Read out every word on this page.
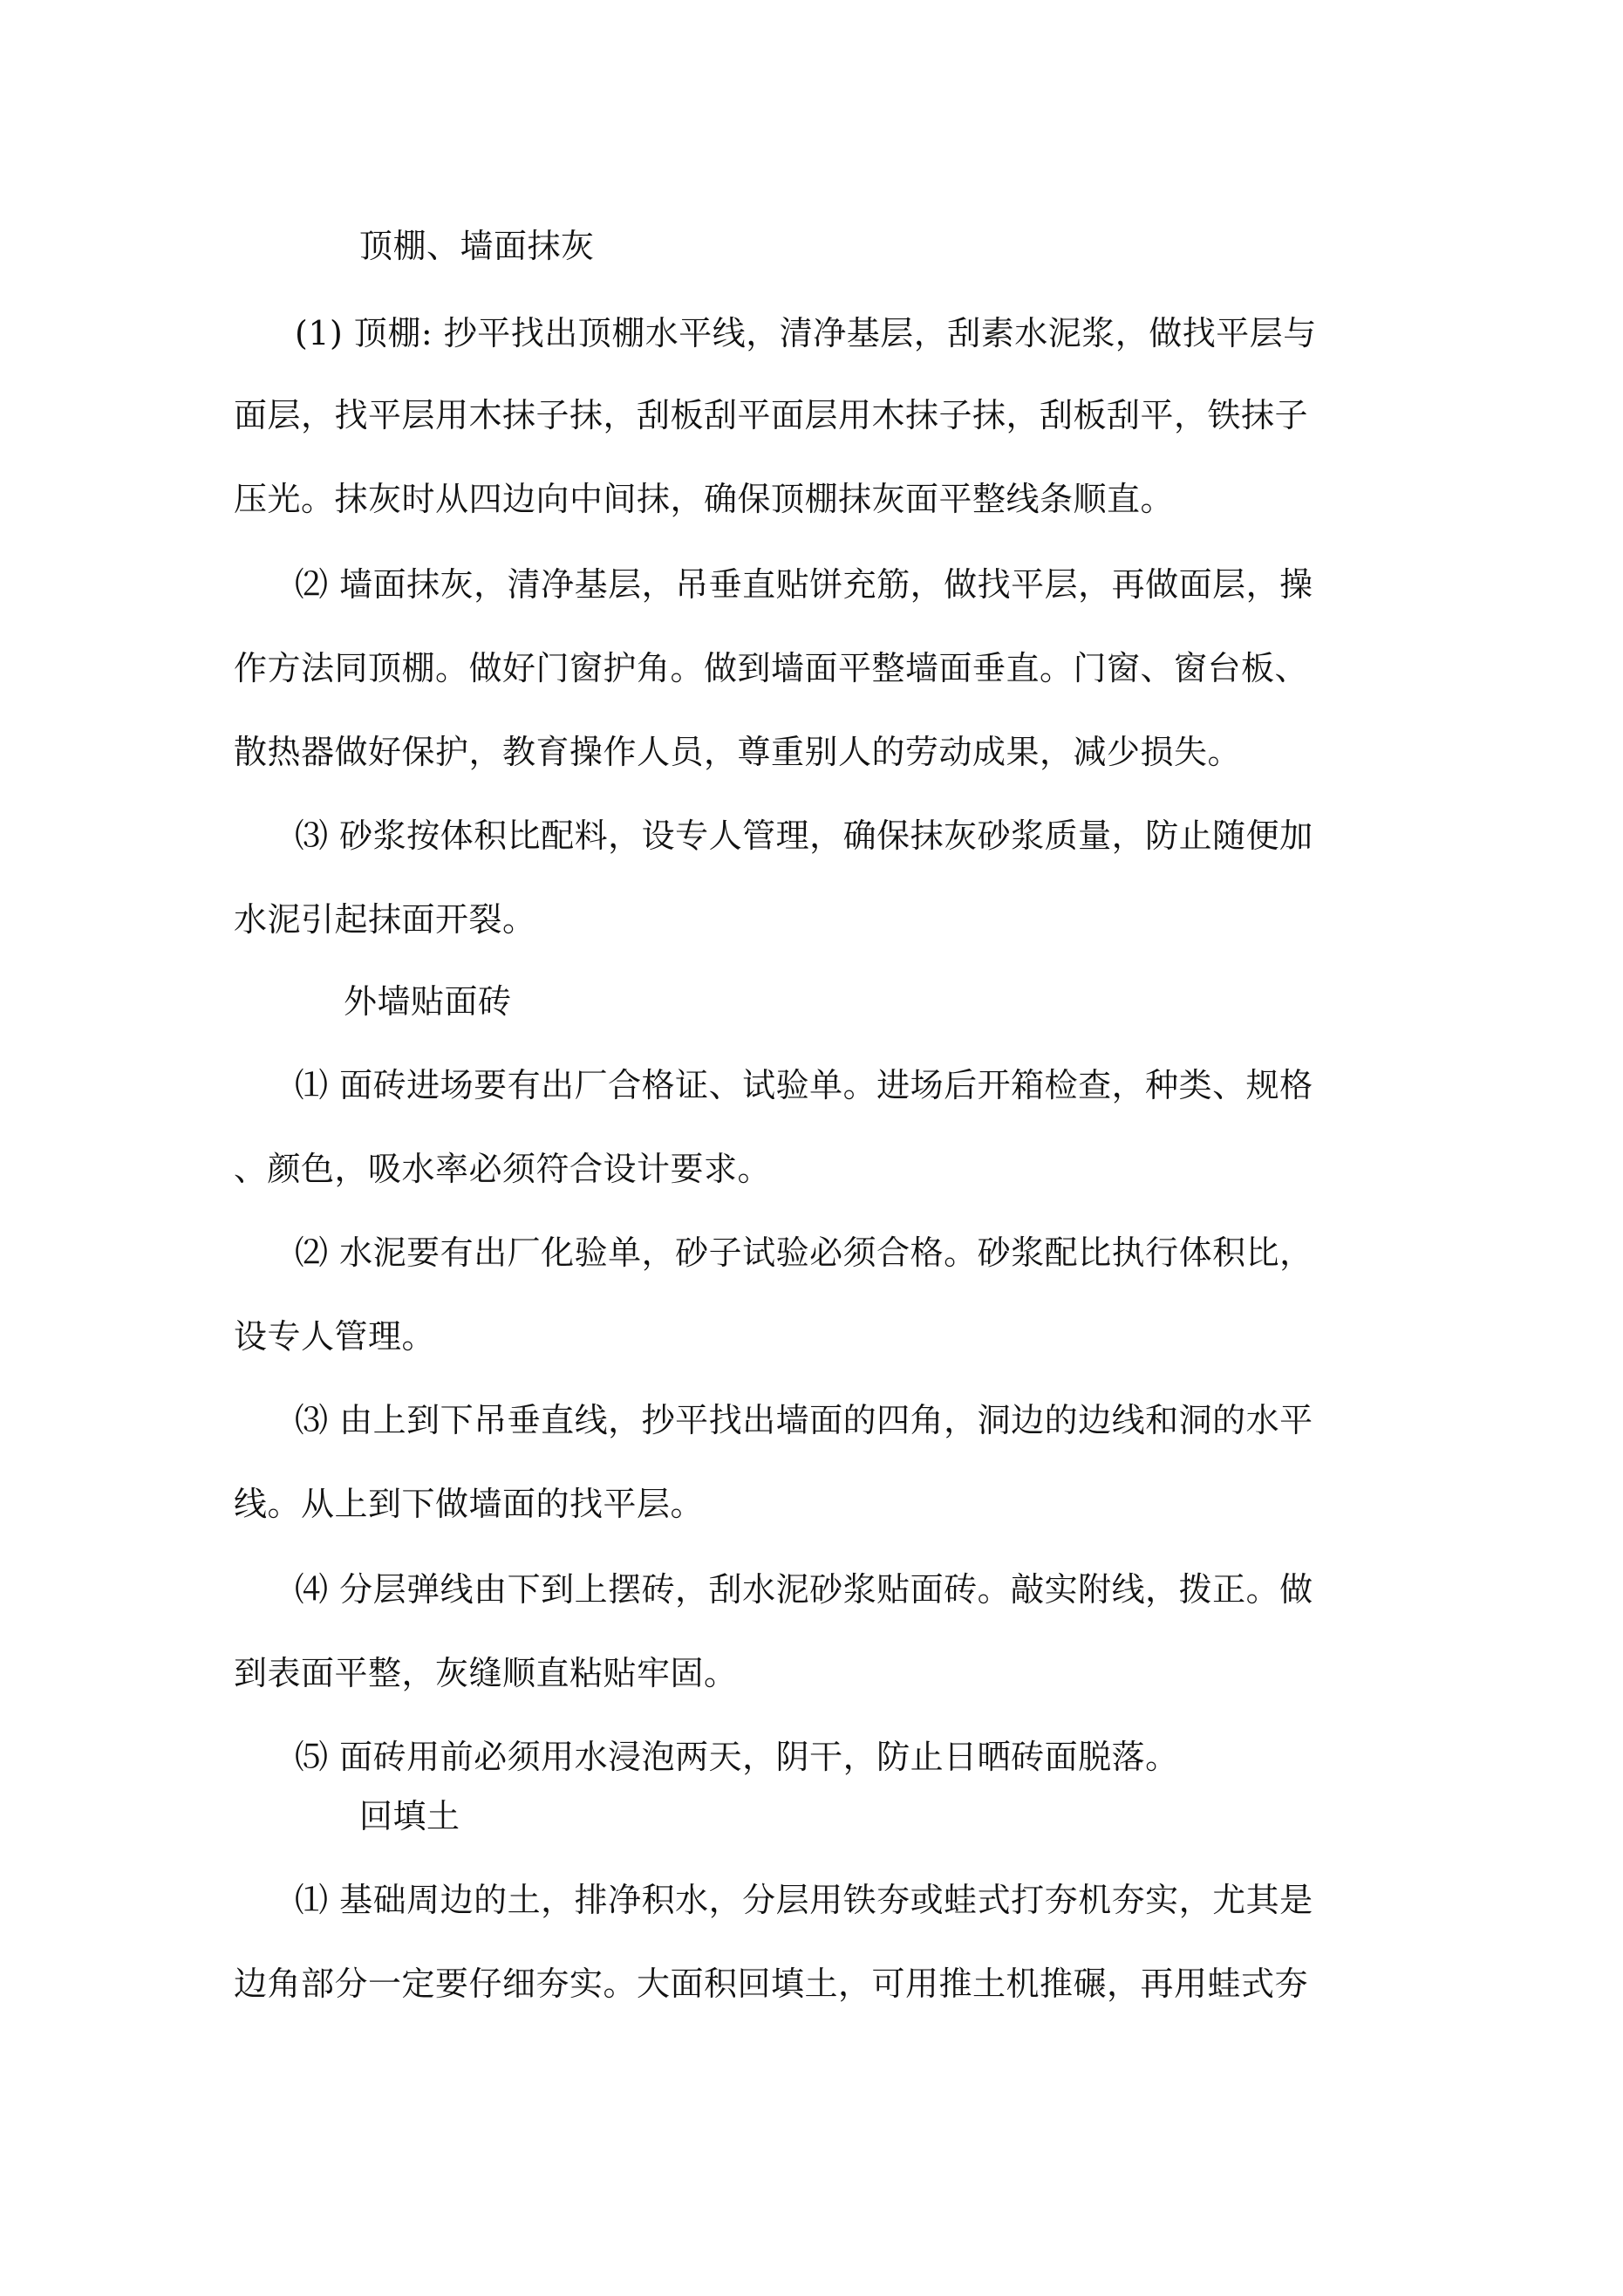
顶棚、墙面抹灰
(1) 顶棚: 抄平找出顶棚水平线，清净基层，刮素水泥浆，做找平层与
面层，找平层用木抹子抹，刮板刮平面层用木抹子抹，刮板刮平，铁抹子
压光。抹灰时从四边向中间抹，确保顶棚抹灰面平整线条顺直。
⑵ 墙面抹灰，清净基层，吊垂直贴饼充筋，做找平层，再做面层，操
作方法同顶棚。做好门窗护角。做到墙面平整墙面垂直。门窗、窗台板、
散热器做好保护，教育操作人员，尊重别人的劳动成果，减少损失。
⑶ 砂浆按体积比配料，设专人管理，确保抹灰砂浆质量，防止随便加
水泥引起抹面开裂。
外墙贴面砖
⑴ 面砖进场要有出厂合格证、试验单。进场后开箱检查，种类、规格
、颜色，吸水率必须符合设计要求。
⑵ 水泥要有出厂化验单，砂子试验必须合格。砂浆配比执行体积比，
设专人管理。
⑶ 由上到下吊垂直线，抄平找出墙面的四角，洞边的边线和洞的水平
线。从上到下做墙面的找平层。
⑷ 分层弹线由下到上摆砖，刮水泥砂浆贴面砖。敲实附线，拨正。做
到表面平整，灰缝顺直粘贴牢固。
⑸ 面砖用前必须用水浸泡两天，阴干，防止日晒砖面脱落。
回填土
⑴ 基础周边的土，排净积水，分层用铁夯或蛙式打夯机夯实，尤其是
边角部分一定要仔细夯实。大面积回填土，可用推土机推碾，再用蛙式夯
